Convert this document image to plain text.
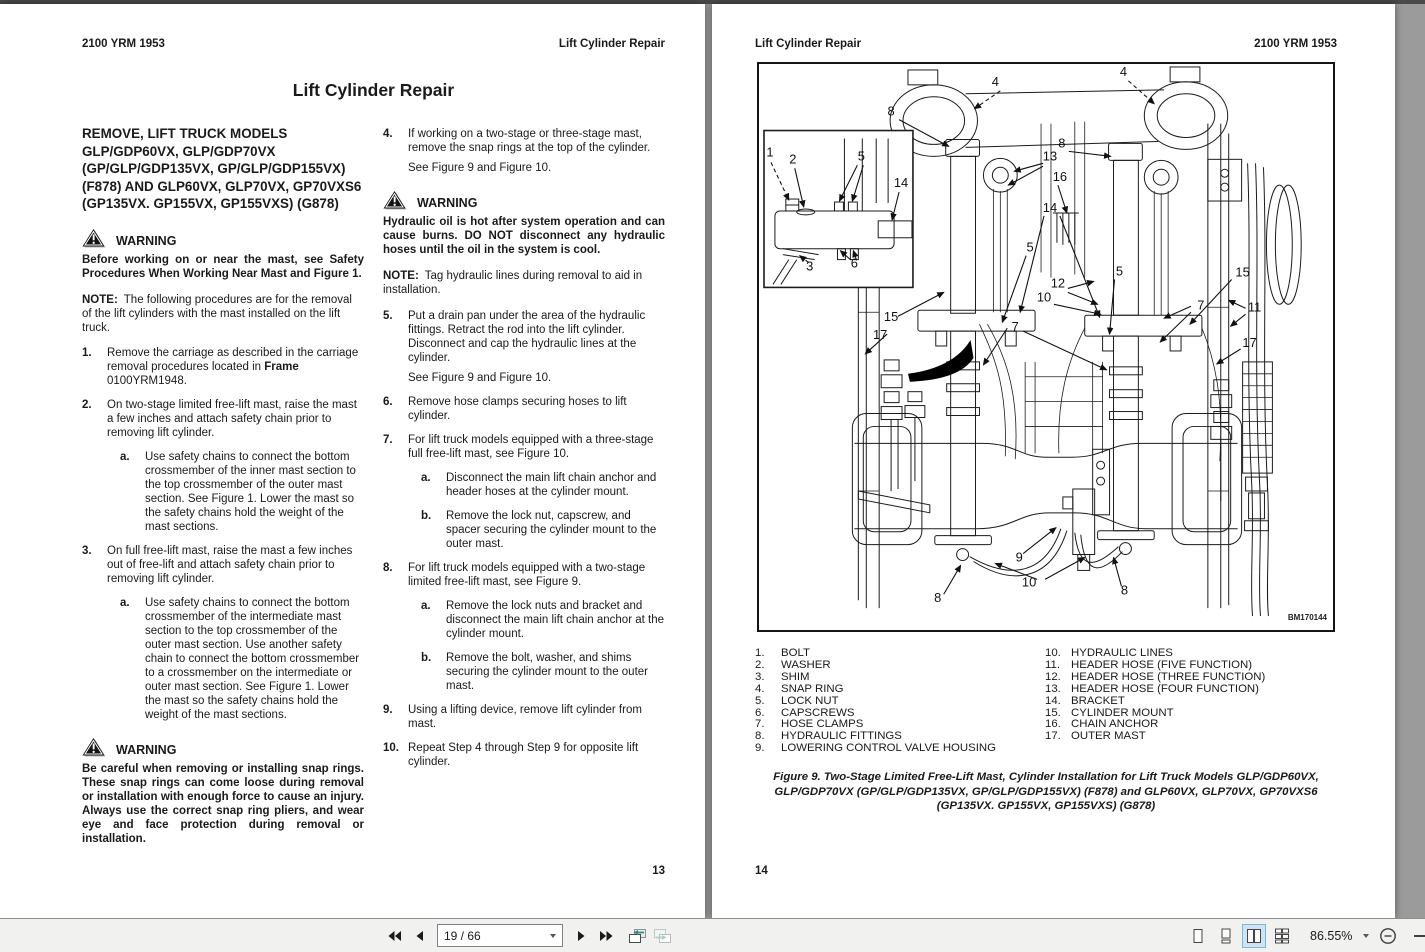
2100 YRM 1953	Lift Cylinder Repair
Lift Cylinder Repair

REMOVE, LIFT TRUCK MODELS GLP/GDP60VX, GLP/GDP70VX (GP/GLP/GDP135VX, GP/GLP/GDP155VX) (F878) AND GLP60VX, GLP70VX, GP70VXS6 (GP135VX. GP155VX, GP155VXS) (G878)

WARNING

Before working on or near the mast, see Safety Procedures When Working Near Mast and Figure 1.

NOTE: The following procedures are for the removal of the lift cylinders with the mast installed on the lift truck.

1.	Remove the carriage as described in the carriage removal procedures located in Frame 0100YRM1948.
2.	On two-stage limited free-lift mast, raise the mast a few inches and attach safety chain prior to removing lift cylinder.
a.	Use safety chains to connect the bottom crossmember of the inner mast section to the top crossmember of the outer mast section. See Figure 1. Lower the mast so the safety chains hold the weight of the mast sections.
3.	On full free-lift mast, raise the mast a few inches out of free-lift and attach safety chain prior to removing lift cylinder.
a.	Use safety chains to connect the bottom crossmember of the intermediate mast section to the top crossmember of the outer mast section. Use another safety chain to connect the bottom crossmember to a crossmember on the intermediate or outer mast section. See Figure 1. Lower the mast so the safety chains hold the weight of the mast sections.
WARNING

Be careful when removing or installing snap rings. These snap rings can come loose during removal or installation with enough force to cause an injury. Always use the correct snap ring pliers, and wear eye and face protection during removal or installation.

4.	If working on a two-stage or three-stage mast, remove the snap rings at the top of the cylinder.
See Figure 9 and Figure 10.
WARNING

Hydraulic oil is hot after system operation and can cause burns. DO NOT disconnect any hydraulic hoses until the oil in the system is cool.

NOTE: Tag hydraulic lines during removal to aid in installation.

5.	Put a drain pan under the area of the hydraulic fittings. Retract the rod into the lift cylinder. Disconnect and cap the hydraulic lines at the cylinder.
See Figure 9 and Figure 10.
6.	Remove hose clamps securing hoses to lift cylinder.
7.	For lift truck models equipped with a three-stage full free-lift mast, see Figure 10.
a.	Disconnect the main lift chain anchor and header hoses at the cylinder mount.
b.	Remove the lock nut, capscrew, and spacer securing the cylinder mount to the outer mast.
8.	For lift truck models equipped with a two-stage limited free-lift mast, see Figure 9.
a.	Remove the lock nuts and bracket and disconnect the main lift chain anchor at the cylinder mount.
b.	Remove the bolt, washer, and shims securing the cylinder mount to the outer mast.
9.	Using a lifting device, remove lift cylinder from mast.
10. Repeat Step 4 through Step 9 for opposite lift cylinder.
13
Lift Cylinder Repair	2100 YRM 1953
1 2	5
14
3	6
4
4
8
8
13
16
14
5
5	15
12
10
11
7
7
15
17
17
9
10
8
8
BM170144
1.	BOLT
2.	WASHER
3.	SHIM
4.	SNAP RING
5.	LOCK NUT
6.	CAPSCREWS
7.	HOSE CLAMPS
8.	HYDRAULIC FITTINGS
9.	LOWERING CONTROL VALVE HOUSING
10. HYDRAULIC LINES
11. HEADER HOSE (FIVE FUNCTION)
12. HEADER HOSE (THREE FUNCTION)
13. HEADER HOSE (FOUR FUNCTION)
14. BRACKET
15. CYLINDER MOUNT
16. CHAIN ANCHOR
17. OUTER MAST

Figure 9. Two-Stage Limited Free-Lift Mast, Cylinder Installation for Lift Truck Models GLP/GDP60VX, GLP/GDP70VX (GP/GLP/GDP135VX, GP/GLP/GDP155VX) (F878) and GLP60VX, GLP70VX, GP70VXS6 (GP135VX. GP155VX, GP155VXS) (G878)

14
19 / 66	86.55%
